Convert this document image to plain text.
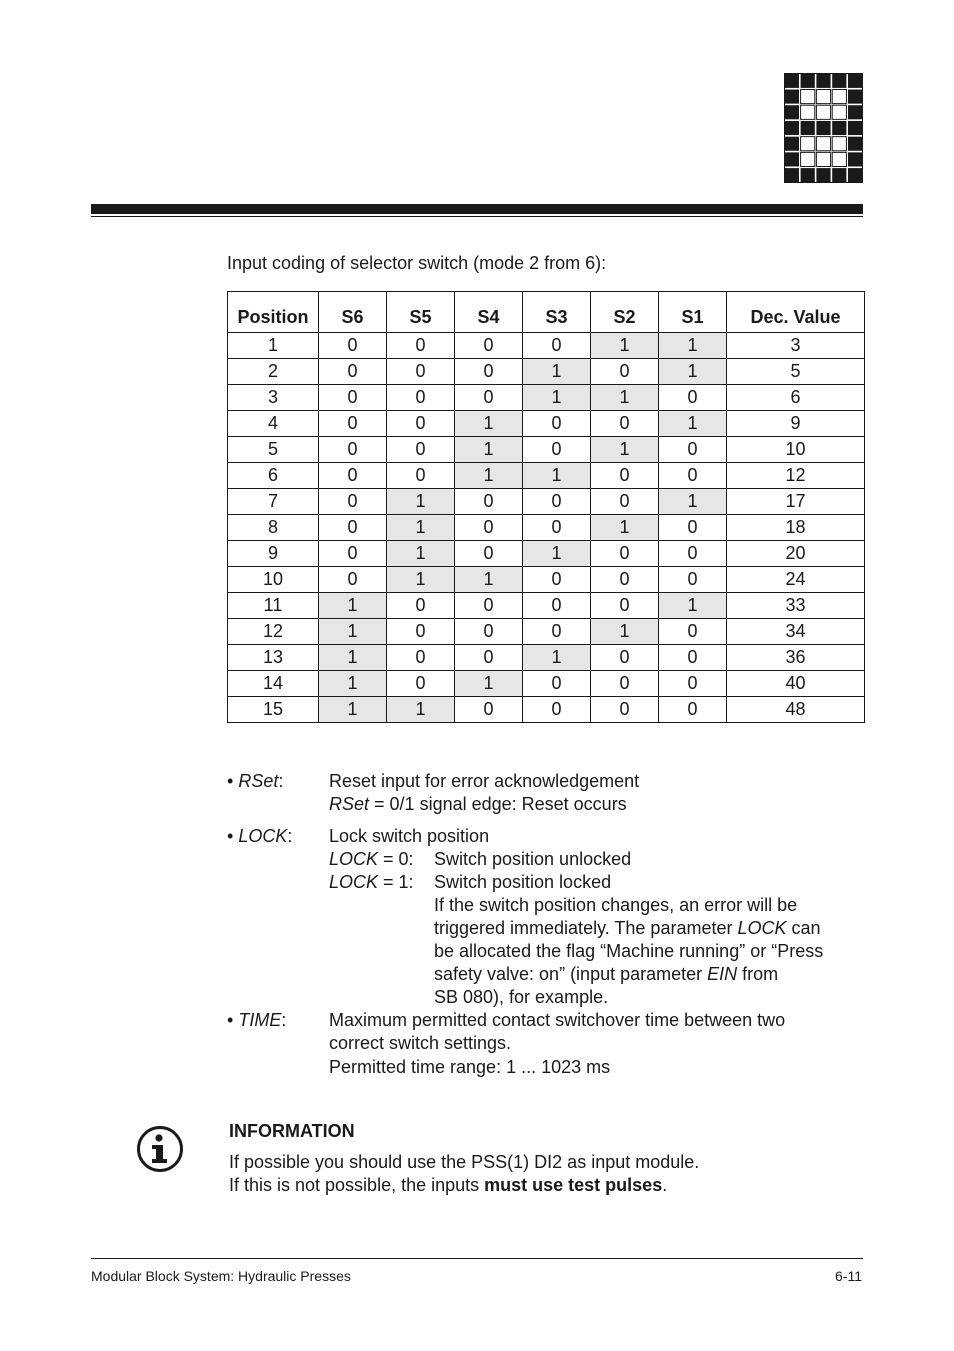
Input coding of selector switch (mode 2 from 6):
Position	S6	S5	S4	S3	S2	S1	Dec. Value
1	0	0	0	0	1	1	3
2	0	0	0	1	0	1	5
3	0	0	0	1	1	0	6
4	0	0	1	0	0	1	9
5	0	0	1	0	1	0	10
6	0	0	1	1	0	0	12
7	0	1	0	0	0	1	17
8	0	1	0	0	1	0	18
9	0	1	0	1	0	0	20
10	0	1	1	0	0	0	24
11	1	0	0	0	0	1	33
12	1	0	0	0	1	0	34
13	1	0	0	1	0	0	36
14	1	0	1	0	0	0	40
15	1	1	0	0	0	0	48
• RSet:	Reset input for error acknowledgement
RSet = 0/1 signal edge: Reset occurs
• LOCK: Lock switch position
LOCK = 0: Switch position unlocked
LOCK = 1: Switch position locked
If the switch position changes, an error will be
triggered immediately. The parameter LOCK can
be allocated the flag “Machine running” or “Press
safety valve: on” (input parameter EIN from
SB 080), for example.
• TIME: Maximum permitted contact switchover time between two
correct switch settings.
Permitted time range: 1 ... 1023 ms
INFORMATION
If possible you should use the PSS(1) DI2 as input module.
If this is not possible, the inputs must use test pulses.
Modular Block System: Hydraulic Presses	6-11
